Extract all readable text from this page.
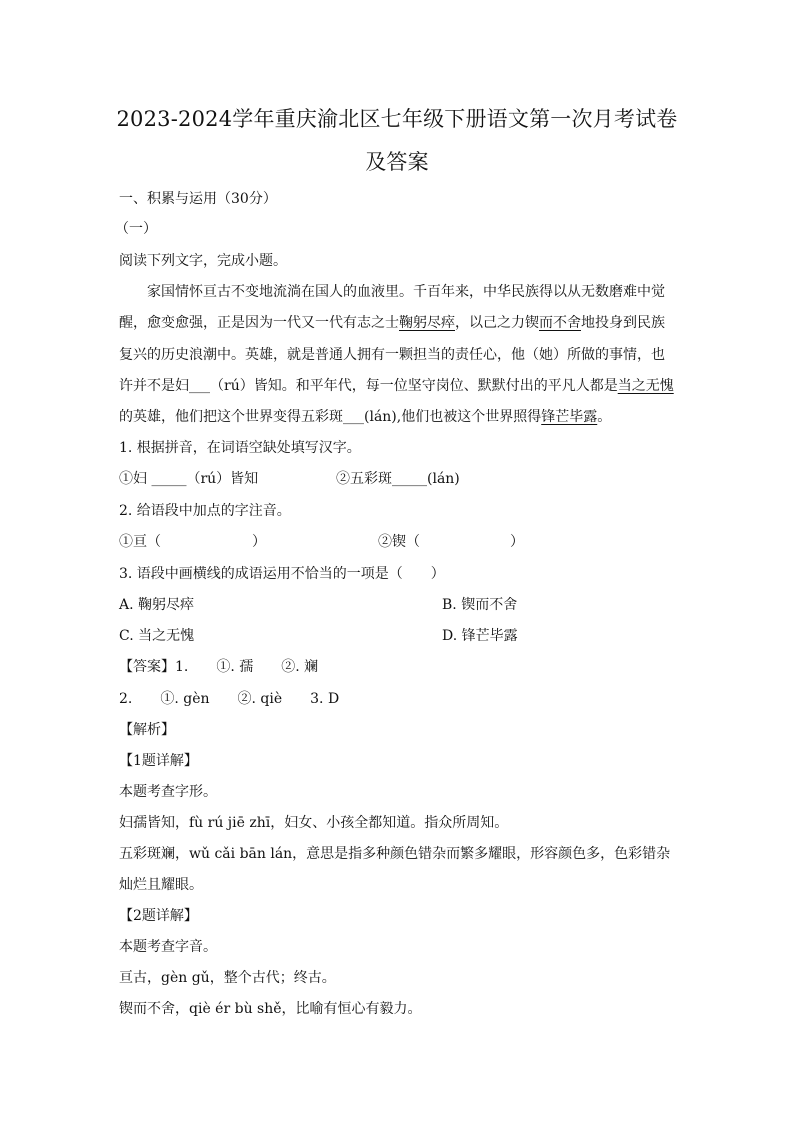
2023-2024学年重庆渝北区七年级下册语文第一次月考试卷
及答案
一、积累与运用（30分）
（一）
阅读下列文字，完成小题。
家国情怀亘古不变地流淌在国人的血液里。千百年来，中华民族得以从无数磨难中觉
醒，愈变愈强，正是因为一代又一代有志之士鞠躬尽瘁，以己之力锲而不舍地投身到民族
复兴的历史浪潮中。英雄，就是普通人拥有一颗担当的责任心，他（她）所做的事情，也
许并不是妇___（rú）皆知。和平年代，每一位坚守岗位、默默付出的平凡人都是当之无愧
的英雄，他们把这个世界变得五彩斑___(lán),他们也被这个世界照得锋芒毕露。
1. 根据拼音，在词语空缺处填写汉字。
①妇 _____（rú）皆知	②五彩斑_____(lán)
2. 给语段中加点的字注音。
①亘（	）	②锲（	）
3. 语段中画横线的成语运用不恰当的一项是（　　）
A. 鞠躬尽瘁	B. 锲而不舍
C. 当之无愧	D. 锋芒毕露
【答案】1.　　①. 孺　　②. 斓
2.　　①. gèn　　②. qiè　　3. D
【解析】
【1题详解】
本题考查字形。
妇孺皆知，fù rú jiē zhī，妇女、小孩全都知道。指众所周知。
五彩斑斓，wǔ cǎi bān lán，意思是指多种颜色错杂而繁多耀眼，形容颜色多，色彩错杂
灿烂且耀眼。
【2题详解】
本题考查字音。
亘古，gèn gǔ，整个古代；终古。
锲而不舍，qiè ér bù shě，比喻有恒心有毅力。
